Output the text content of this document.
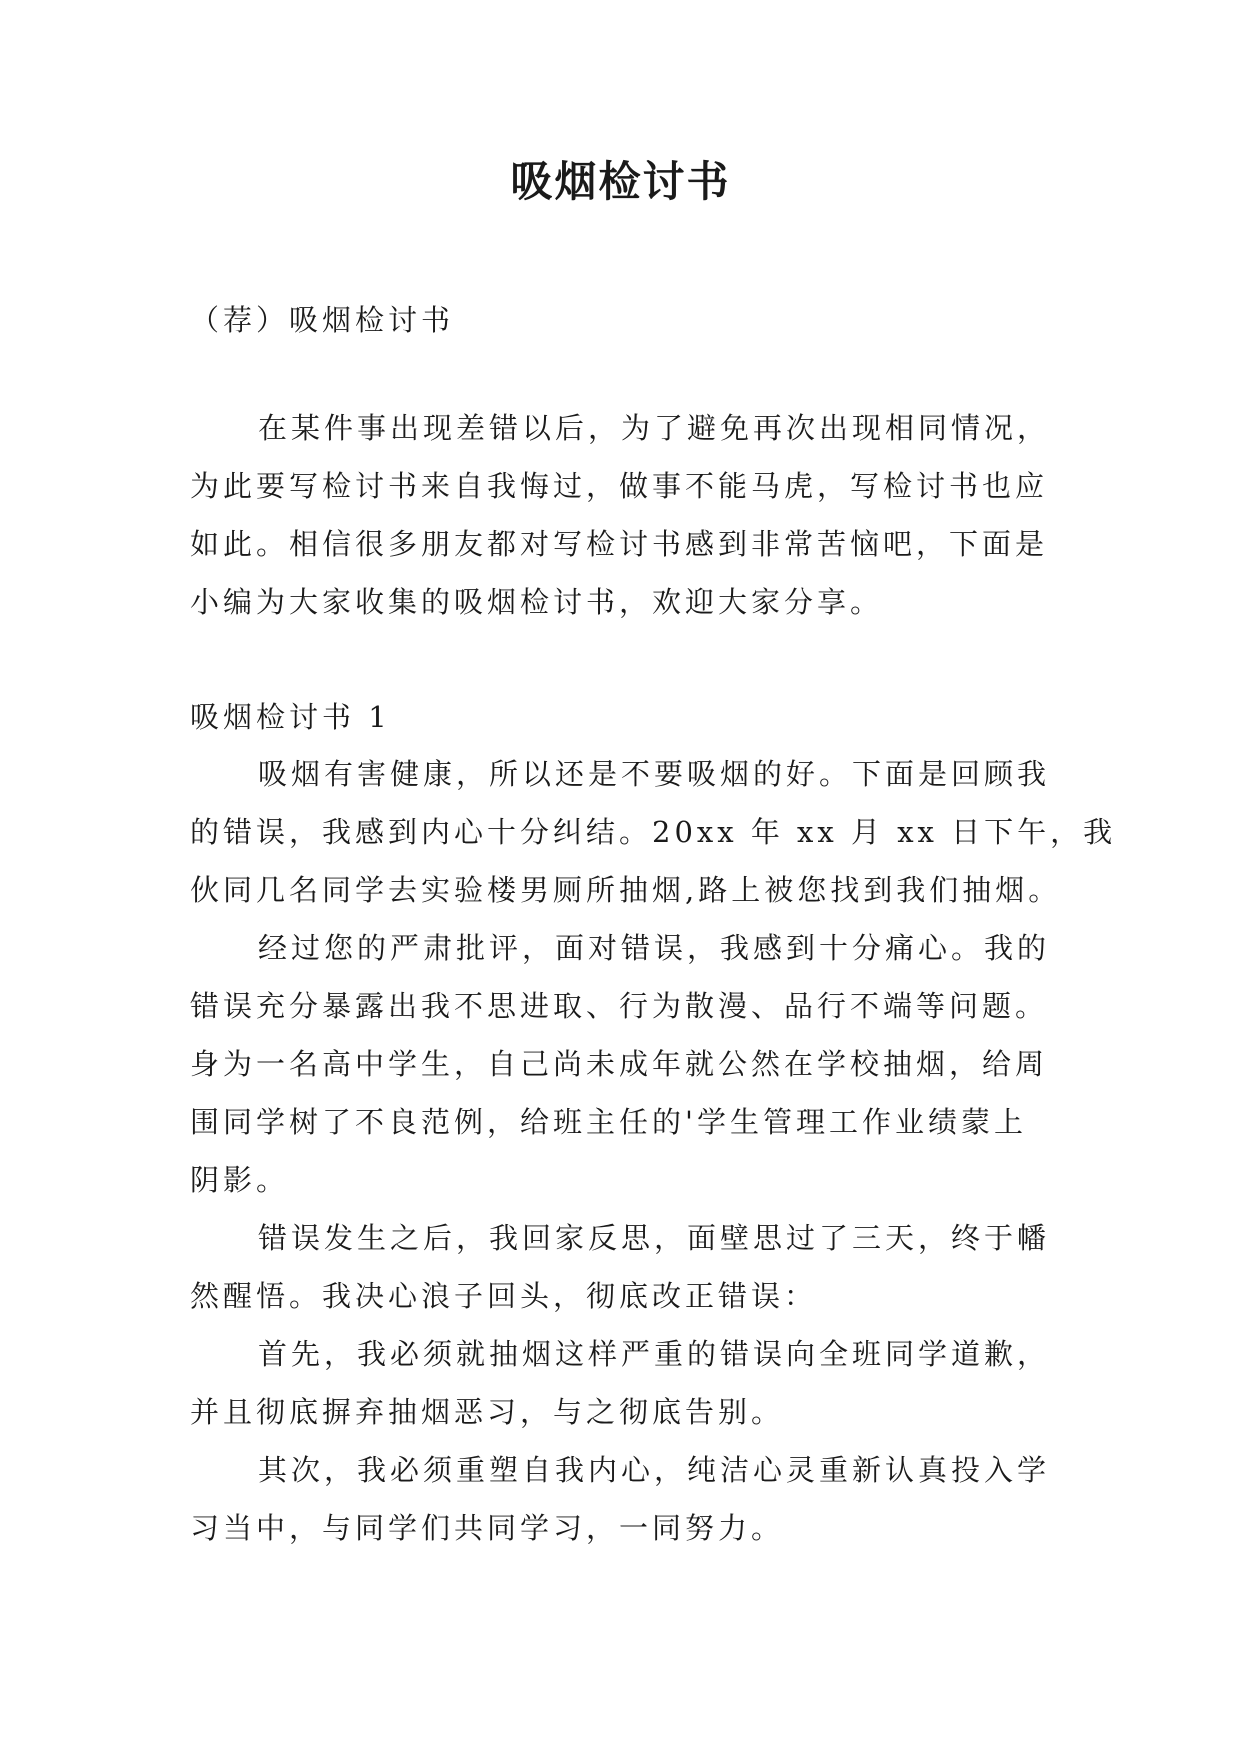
吸烟检讨书
（荐）吸烟检讨书
在某件事出现差错以后，为了避免再次出现相同情况，
为此要写检讨书来自我悔过，做事不能马虎，写检讨书也应
如此。相信很多朋友都对写检讨书感到非常苦恼吧，下面是
小编为大家收集的吸烟检讨书，欢迎大家分享。
吸烟检讨书 1
吸烟有害健康，所以还是不要吸烟的好。下面是回顾我
的错误，我感到内心十分纠结。20xx 年 xx 月 xx 日下午，我
伙同几名同学去实验楼男厕所抽烟,路上被您找到我们抽烟。
经过您的严肃批评，面对错误，我感到十分痛心。我的
错误充分暴露出我不思进取、行为散漫、品行不端等问题。
身为一名高中学生，自己尚未成年就公然在学校抽烟，给周
围同学树了不良范例，给班主任的'学生管理工作业绩蒙上
阴影。
错误发生之后，我回家反思，面壁思过了三天，终于幡
然醒悟。我决心浪子回头，彻底改正错误：
首先，我必须就抽烟这样严重的错误向全班同学道歉，
并且彻底摒弃抽烟恶习，与之彻底告别。
其次，我必须重塑自我内心，纯洁心灵重新认真投入学
习当中，与同学们共同学习，一同努力。
